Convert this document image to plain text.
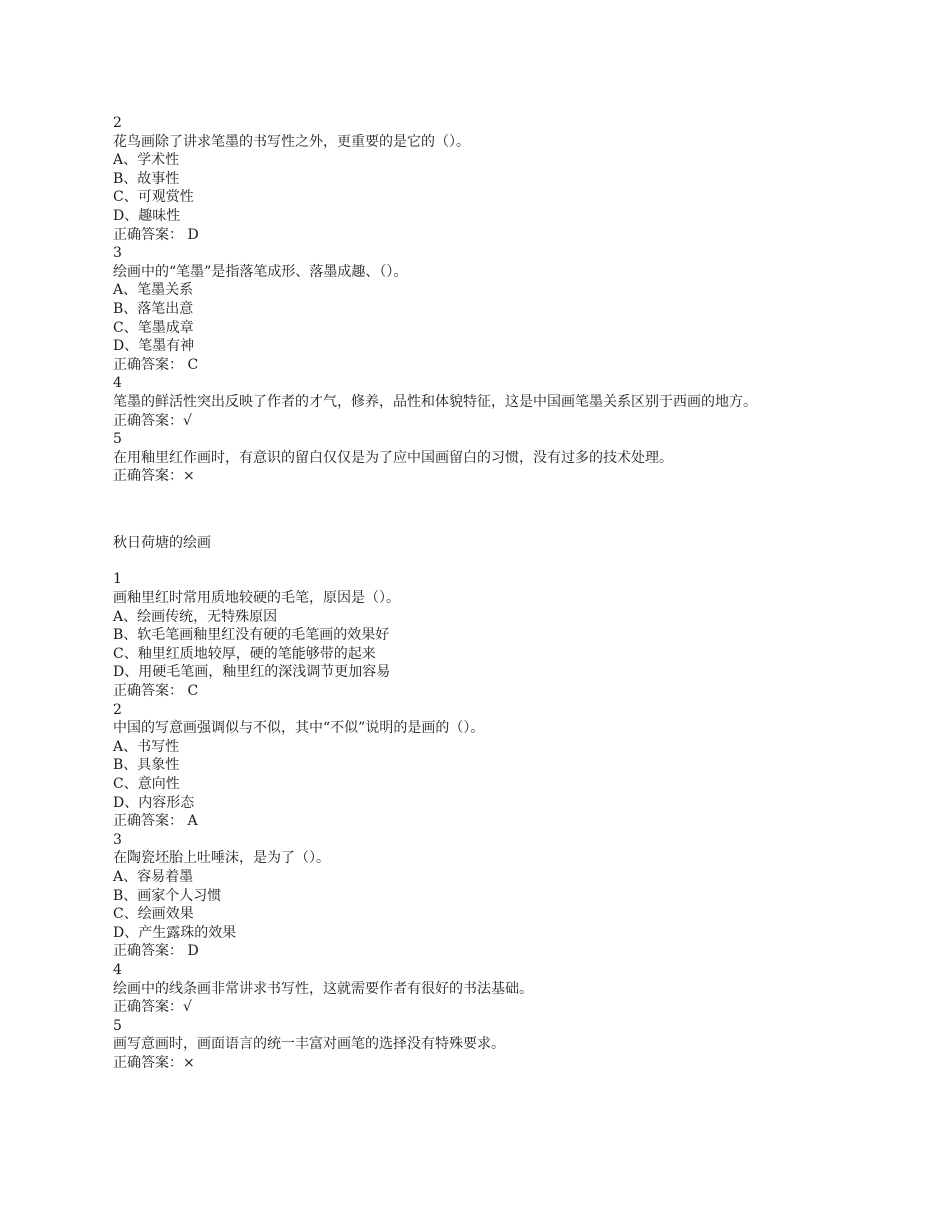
2
花鸟画除了讲求笔墨的书写性之外，更重要的是它的（）。
A、学术性
B、故事性
C、可观赏性
D、趣味性
正确答案： D
3
绘画中的“笔墨”是指落笔成形、落墨成趣、（）。
A、笔墨关系
B、落笔出意
C、笔墨成章
D、笔墨有神
正确答案： C
4
笔墨的鲜活性突出反映了作者的才气，修养，品性和体貌特征，这是中国画笔墨关系区别于西画的地方。
正确答案：√
5
在用釉里红作画时，有意识的留白仅仅是为了应中国画留白的习惯，没有过多的技术处理。
正确答案：×
秋日荷塘的绘画
1
画釉里红时常用质地较硬的毛笔，原因是（）。
A、绘画传统，无特殊原因
B、软毛笔画釉里红没有硬的毛笔画的效果好
C、釉里红质地较厚，硬的笔能够带的起来
D、用硬毛笔画，釉里红的深浅调节更加容易
正确答案： C
2
中国的写意画强调似与不似，其中“不似”说明的是画的（）。
A、书写性
B、具象性
C、意向性
D、内容形态
正确答案： A
3
在陶瓷坯胎上吐唾沫，是为了（）。
A、容易着墨
B、画家个人习惯
C、绘画效果
D、产生露珠的效果
正确答案： D
4
绘画中的线条画非常讲求书写性，这就需要作者有很好的书法基础。
正确答案：√
5
画写意画时，画面语言的统一丰富对画笔的选择没有特殊要求。
正确答案：×
